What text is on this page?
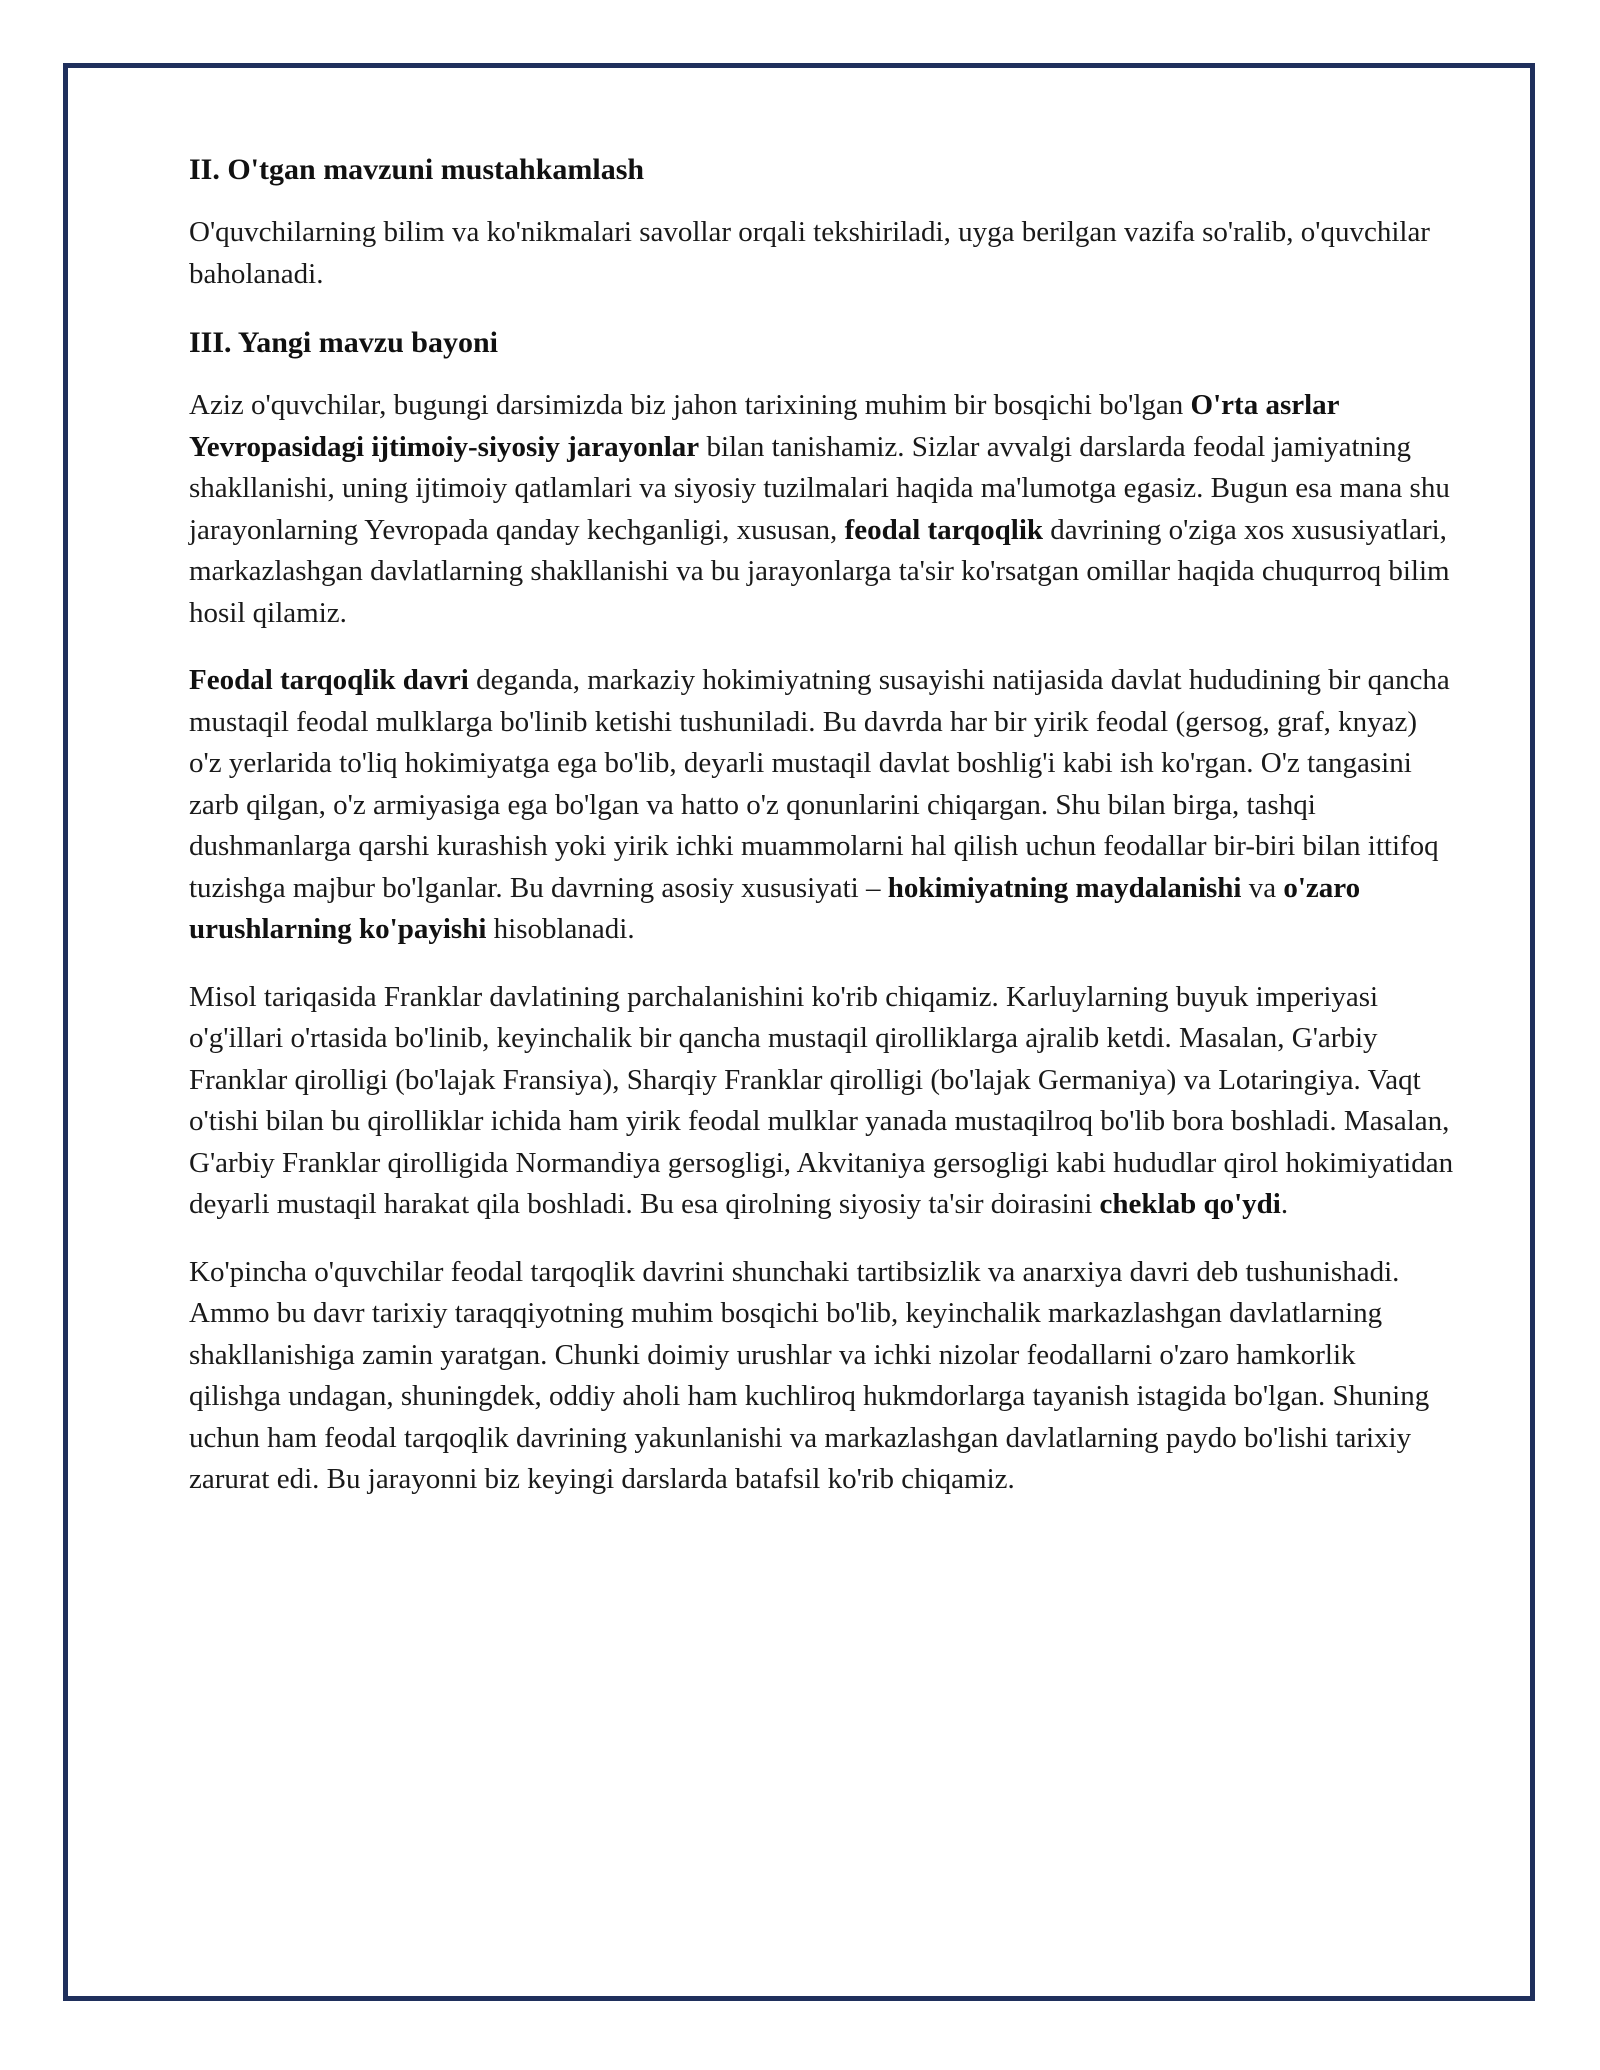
II. O'tgan mavzuni mustahkamlash

O'quvchilarning bilim va ko'nikmalari savollar orqali tekshiriladi, uyga berilgan vazifa so'ralib, o'quvchilar baholanadi.

III. Yangi mavzu bayoni

Aziz o'quvchilar, bugungi darsimizda biz jahon tarixining muhim bir bosqichi bo'lgan O'rta asrlar Yevropasidagi ijtimoiy-siyosiy jarayonlar bilan tanishamiz. Sizlar avvalgi darslarda feodal jamiyatning shakllanishi, uning ijtimoiy qatlamlari va siyosiy tuzilmalari haqida ma'lumotga egasiz. Bugun esa mana shu jarayonlarning Yevropada qanday kechganligi, xususan, feodal tarqoqlik davrining o'ziga xos xususiyatlari, markazlashgan davlatlarning shakllanishi va bu jarayonlarga ta'sir ko'rsatgan omillar haqida chuqurroq bilim hosil qilamiz.

Feodal tarqoqlik davri deganda, markaziy hokimiyatning susayishi natijasida davlat hududining bir qancha mustaqil feodal mulklarga bo'linib ketishi tushuniladi. Bu davrda har bir yirik feodal (gersog, graf, knyaz) o'z yerlarida to'liq hokimiyatga ega bo'lib, deyarli mustaqil davlat boshlig'i kabi ish ko'rgan. O'z tangasini zarb qilgan, o'z armiyasiga ega bo'lgan va hatto o'z qonunlarini chiqargan. Shu bilan birga, tashqi dushmanlarga qarshi kurashish yoki yirik ichki muammolarni hal qilish uchun feodallar bir-biri bilan ittifoq tuzishga majbur bo'lganlar. Bu davrning asosiy xususiyati – hokimiyatning maydalanishi va o'zaro urushlarning ko'payishi hisoblanadi.

Misol tariqasida Franklar davlatining parchalanishini ko'rib chiqamiz. Karluylarning buyuk imperiyasi o'g'illari o'rtasida bo'linib, keyinchalik bir qancha mustaqil qirolliklarga ajralib ketdi. Masalan, G'arbiy Franklar qirolligi (bo'lajak Fransiya), Sharqiy Franklar qirolligi (bo'lajak Germaniya) va Lotaringiya. Vaqt o'tishi bilan bu qirolliklar ichida ham yirik feodal mulklar yanada mustaqilroq bo'lib bora boshladi. Masalan, G'arbiy Franklar qirolligida Normandiya gersogligi, Akvitaniya gersogligi kabi hududlar qirol hokimiyatidan deyarli mustaqil harakat qila boshladi. Bu esa qirolning siyosiy ta'sir doirasini cheklab qo'ydi.

Ko'pincha o'quvchilar feodal tarqoqlik davrini shunchaki tartibsizlik va anarxiya davri deb tushunishadi. Ammo bu davr tarixiy taraqqiyotning muhim bosqichi bo'lib, keyinchalik markazlashgan davlatlarning shakllanishiga zamin yaratgan. Chunki doimiy urushlar va ichki nizolar feodallarni o'zaro hamkorlik qilishga undagan, shuningdek, oddiy aholi ham kuchliroq hukmdorlarga tayanish istagida bo'lgan. Shuning uchun ham feodal tarqoqlik davrining yakunlanishi va markazlashgan davlatlarning paydo bo'lishi tarixiy zarurat edi. Bu jarayonni biz keyingi darslarda batafsil ko'rib chiqamiz.
